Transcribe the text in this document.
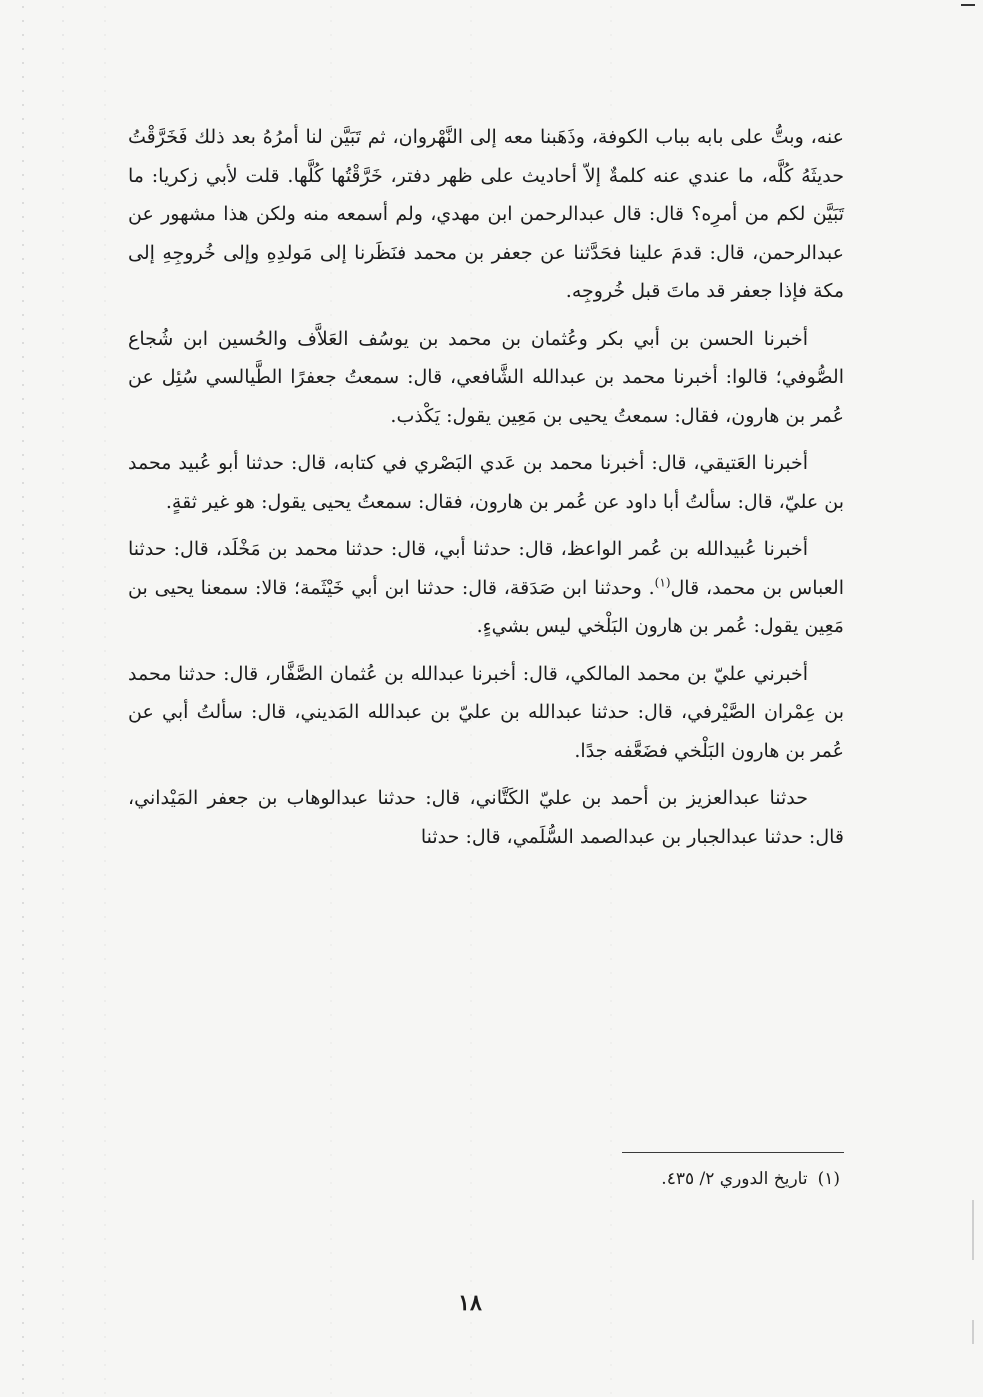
عنه، وبتُّ على بابه بباب الكوفة، وذَهَبنا معه إلى النَّهْروان، ثم تَبَيَّن لنا أمرُهُ بعد ذلك فَخَرَّقْتُ حديثَهُ كُلَّه، ما عندي عنه كلمةٌ إلاّ أحاديث على ظهر دفتر، خَرَّقْتُها كُلَّها. قلت لأبي زكريا: ما تَبَيَّن لكم من أمرِه؟ قال: قال عبدالرحمن ابن مهدي، ولم أسمعه منه ولكن هذا مشهور عن عبدالرحمن، قال: قدمَ علينا فحَدَّثنا عن جعفر بن محمد فنَظَرنا إلى مَولدِهِ وإلى خُروجِهِ إلى مكة فإذا جعفر قد ماتَ قبل خُروجِه.

أخبرنا الحسن بن أبي بكر وعُثمان بن محمد بن يوسُف العَلاَّف والحُسين ابن شُجاع الصُّوفي؛ قالوا: أخبرنا محمد بن عبدالله الشَّافعي، قال: سمعتُ جعفرًا الطَّيالسي سُئِل عن عُمر بن هارون، فقال: سمعتُ يحيى بن مَعِين يقول: يَكْذب.

أخبرنا العَتيقي، قال: أخبرنا محمد بن عَدي البَصْري في كتابه، قال: حدثنا أبو عُبيد محمد بن عليّ، قال: سألتُ أبا داود عن عُمر بن هارون، فقال: سمعتُ يحيى يقول: هو غير ثقةٍ.

أخبرنا عُبيدالله بن عُمر الواعظ، قال: حدثنا أبي، قال: حدثنا محمد بن مَخْلَد، قال: حدثنا العباس بن محمد، قال$^{(١)}$. وحدثنا ابن صَدَقة، قال: حدثنا ابن أبي خَيْثَمة؛ قالا: سمعنا يحيى بن مَعِين يقول: عُمر بن هارون البَلْخي ليس بشيءٍ.

أخبرني عليّ بن محمد المالكي، قال: أخبرنا عبدالله بن عُثمان الصَّفَّار، قال: حدثنا محمد بن عِمْران الصَّيْرفي، قال: حدثنا عبدالله بن عليّ بن عبدالله المَديني، قال: سألتُ أبي عن عُمر بن هارون البَلْخي فضَعَّفه جدًا.

حدثنا عبدالعزيز بن أحمد بن عليّ الكَتَّاني، قال: حدثنا عبدالوهاب بن جعفر المَيْداني، قال: حدثنا عبدالجبار بن عبدالصمد السُّلَمي، قال: حدثنا

(١)تاريخ الدوري ٢/ ٤٣٥.
١٨
